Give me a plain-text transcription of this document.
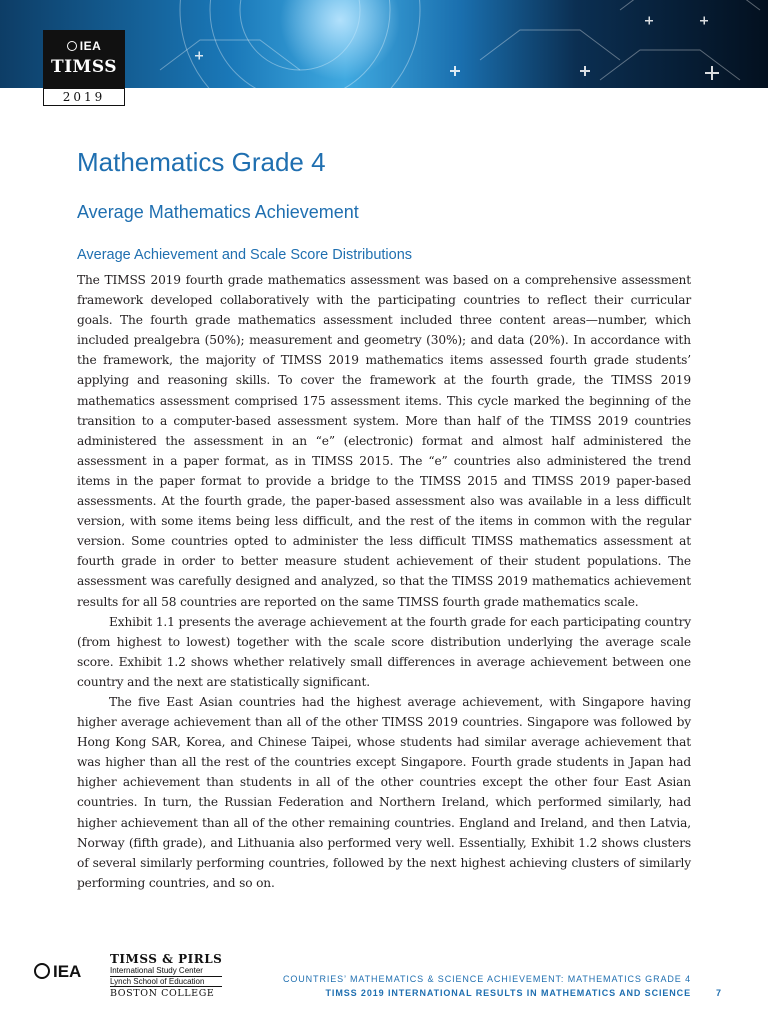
IEA
TIMSS
2019
Mathematics Grade 4
Average Mathematics Achievement
Average Achievement and Scale Score Distributions

The TIMSS 2019 fourth grade mathematics assessment was based on a comprehensive assessment framework developed collaboratively with the participating countries to reflect their curricular goals. The fourth grade mathematics assessment included three content areas—number, which included prealgebra (50%); measurement and geometry (30%); and data (20%). In accordance with the framework, the majority of TIMSS 2019 mathematics items assessed fourth grade students’ applying and reasoning skills. To cover the framework at the fourth grade, the TIMSS 2019 mathematics assessment comprised 175 assessment items. This cycle marked the beginning of the transition to a computer-based assessment system. More than half of the TIMSS 2019 countries administered the assessment in an “e” (electronic) format and almost half administered the assessment in a paper format, as in TIMSS 2015. The “e” countries also administered the trend items in the paper format to provide a bridge to the TIMSS 2015 and TIMSS 2019 paper-based assessments. At the fourth grade, the paper-based assessment also was available in a less difficult version, with some items being less difficult, and the rest of the items in common with the regular version. Some countries opted to administer the less difficult TIMSS mathematics assessment at fourth grade in order to better measure student achievement of their student populations. The assessment was carefully designed and analyzed, so that the TIMSS 2019 mathematics achievement results for all 58 countries are reported on the same TIMSS fourth grade mathematics scale.

Exhibit 1.1 presents the average achievement at the fourth grade for each participating country (from highest to lowest) together with the scale score distribution underlying the average scale score. Exhibit 1.2 shows whether relatively small differences in average achievement between one country and the next are statistically significant.

The five East Asian countries had the highest average achievement, with Singapore having higher average achievement than all of the other TIMSS 2019 countries. Singapore was followed by Hong Kong SAR, Korea, and Chinese Taipei, whose students had similar average achievement that was higher than all the rest of the countries except Singapore. Fourth grade students in Japan had higher achievement than students in all of the other countries except the other four East Asian countries. In turn, the Russian Federation and Northern Ireland, which performed similarly, had higher achievement than all of the other remaining countries. England and Ireland, and then Latvia, Norway (fifth grade), and Lithuania also performed very well. Essentially, Exhibit 1.2 shows clusters of several similarly performing countries, followed by the next highest achieving clusters of similarly performing countries, and so on.

IEA
TIMSS & PIRLS
International Study Center
Lynch School of Education
BOSTON COLLEGE
COUNTRIES’ MATHEMATICS & SCIENCE ACHIEVEMENT: MATHEMATICS GRADE 4
TIMSS 2019 INTERNATIONAL RESULTS IN MATHEMATICS AND SCIENCE	7
